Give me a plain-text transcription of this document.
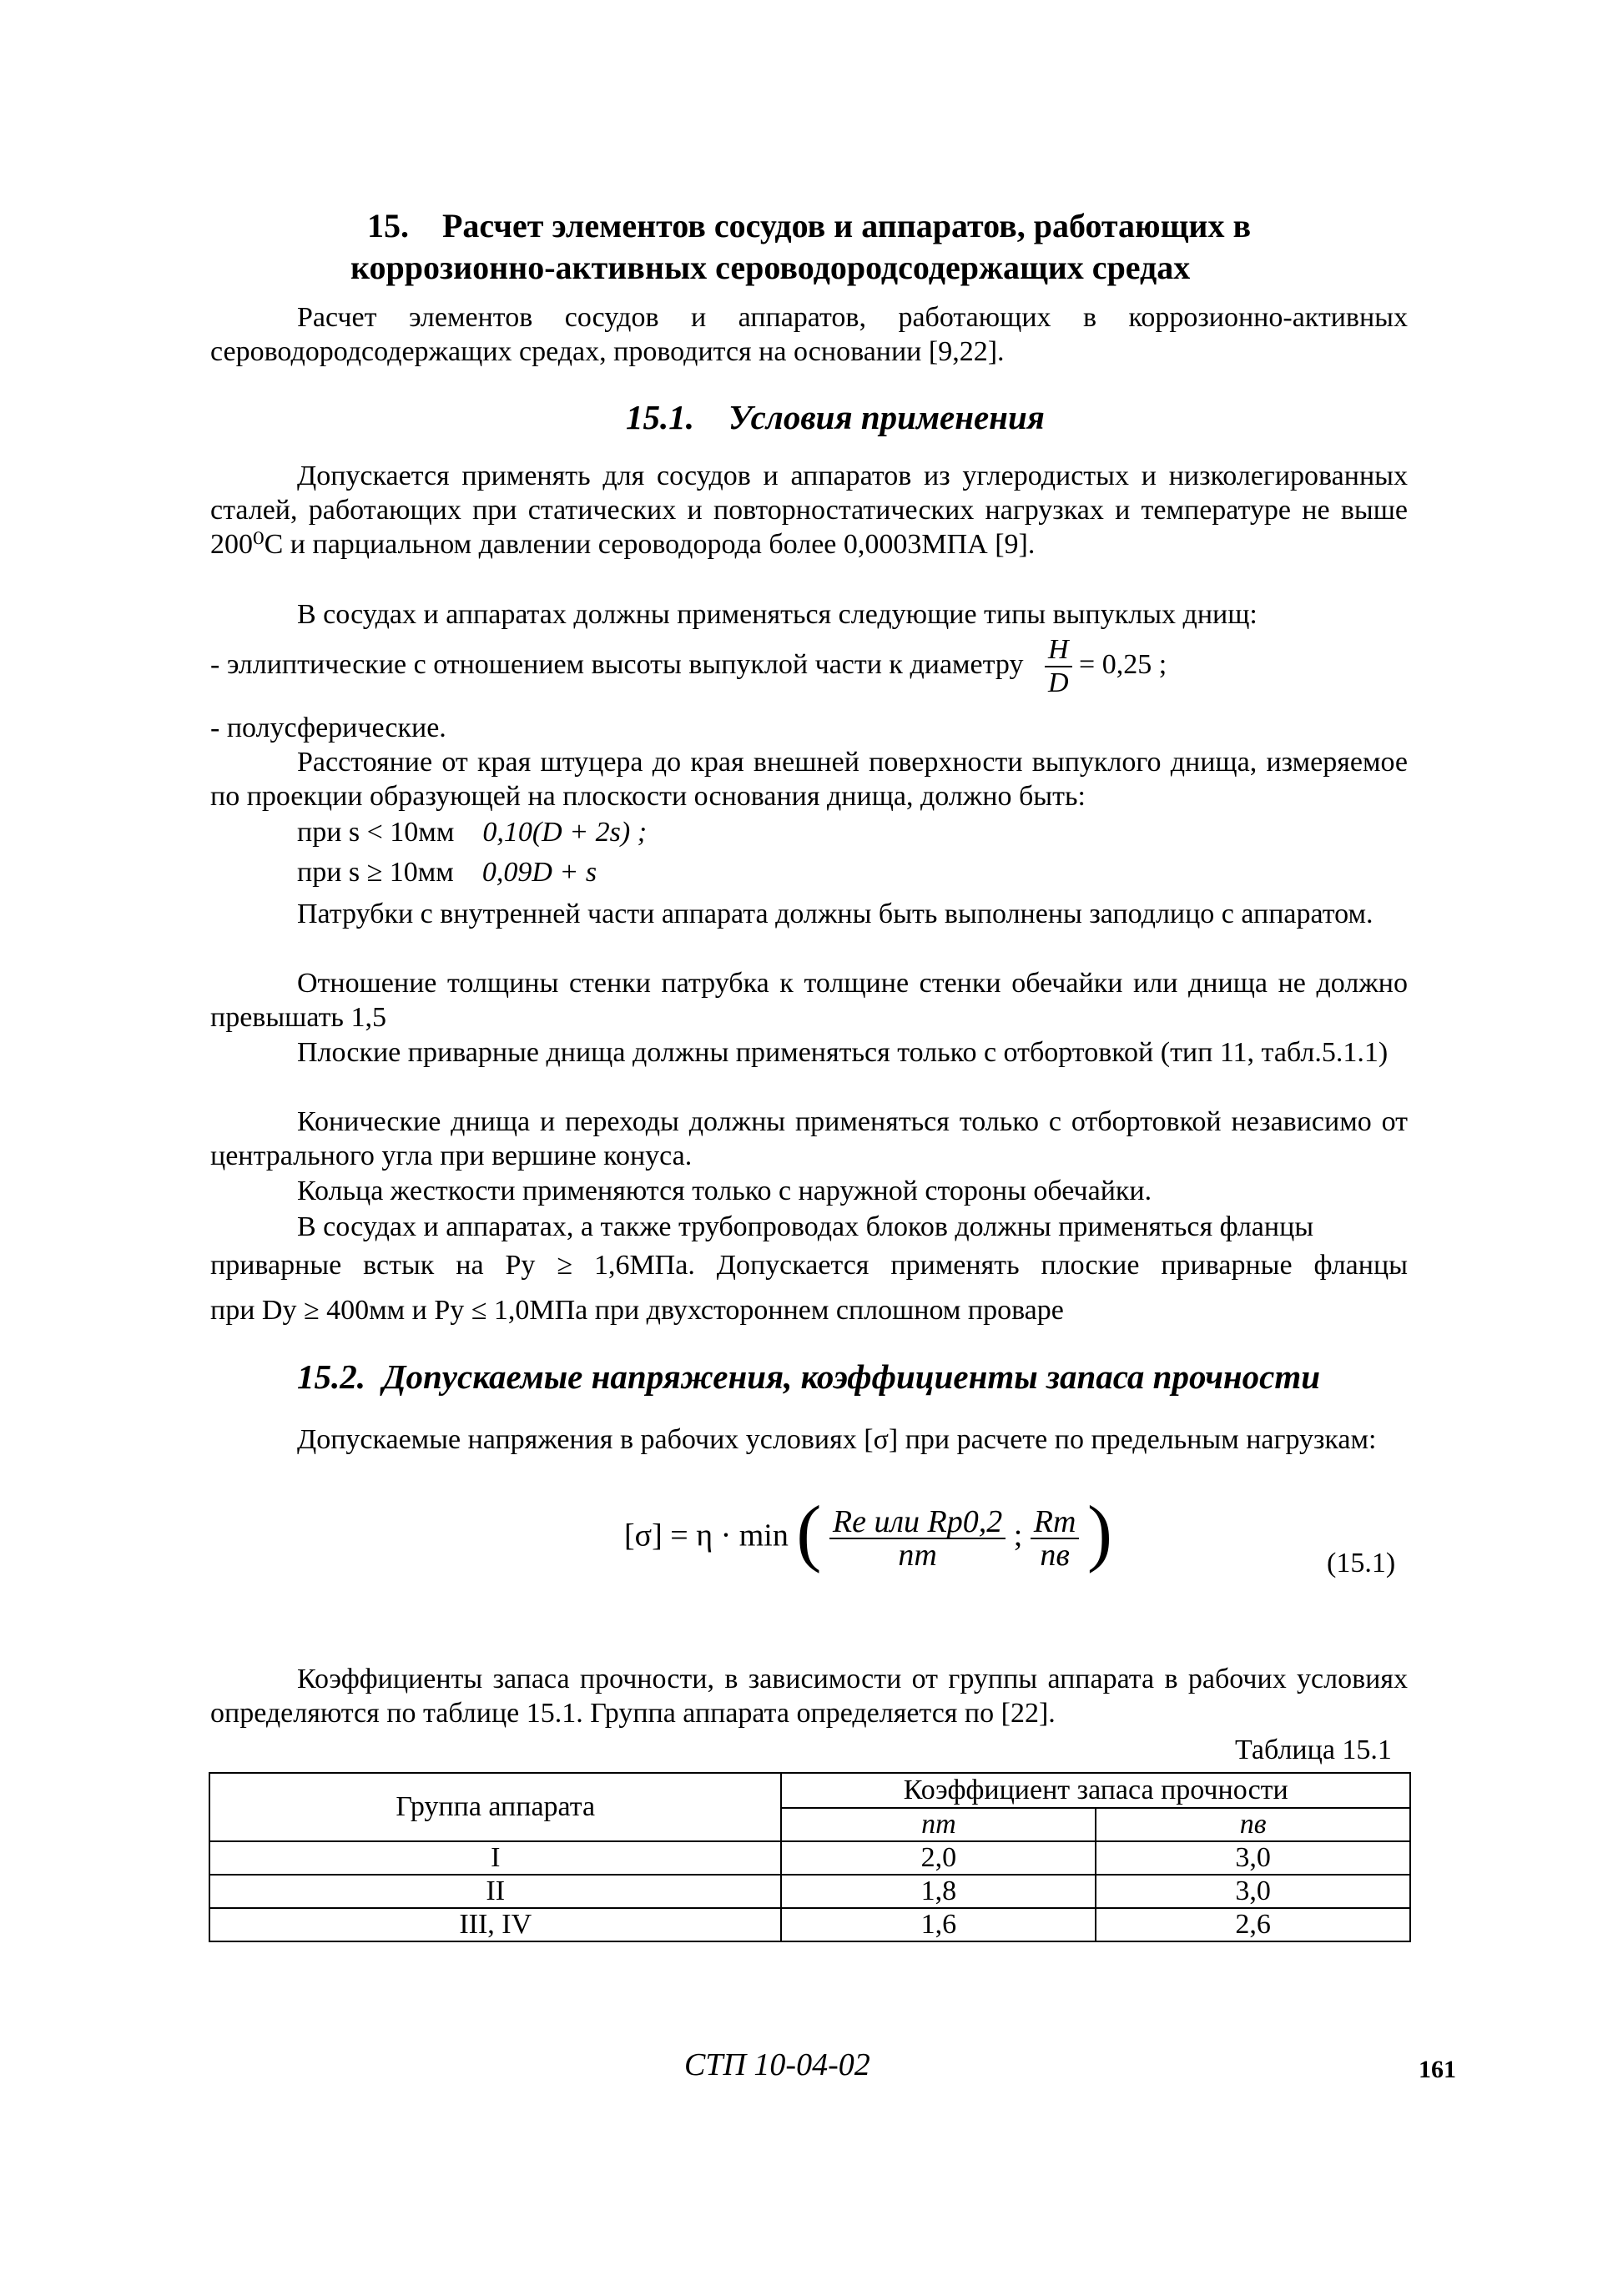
15. Расчет элементов сосудов и аппаратов, работающих в
коррозионно-активных сероводородсодержащих средах

Расчет элементов сосудов и аппаратов, работающих в коррозионно-активных сероводородсодержащих средах, проводится на основании [9,22].

15.1. Условия применения

Допускается применять для сосудов и аппаратов из углеродистых и низколегированных сталей, работающих при статических и повторностатических нагрузках и температуре не выше 200⁰С и парциальном давлении сероводорода более 0,0003МПА [9].

В сосудах и аппаратах должны применяться следующие типы выпуклых днищ:

- эллиптические с отношением высоты выпуклой части к диаметру $\frac{H}{D} = 0,25$ ;
- полусферические.

Расстояние от края штуцера до края внешней поверхности выпуклого днища, измеряемое по проекции образующей на плоскости основания днища, должно быть:

при s < 10мм 0,10(D + 2s) ;
при s ≥ 10мм 0,09D + s

Патрубки с внутренней части аппарата должны быть выполнены заподлицо с аппаратом.

Отношение толщины стенки патрубка к толщине стенки обечайки или днища не должно превышать 1,5

Плоские приварные днища должны применяться только с отбортовкой (тип 11, табл.5.1.1)

Конические днища и переходы должны применяться только с отбортовкой независимо от центрального угла при вершине конуса.

Кольца жесткости применяются только с наружной стороны обечайки.

В сосудах и аппаратах, а также трубопроводах блоков должны применяться фланцы
приварные встык на Pу ≥ 1,6МПа. Допускается применять плоские приварные фланцы
при Dу ≥ 400мм и Pу ≤ 1,0МПа при двухстороннем сплошном проваре
15.2. Допускаемые напряжения, коэффициенты запаса прочности

Допускаемые напряжения в рабочих условиях [σ] при расчете по предельным нагрузкам:

[σ] = η · min ( $\frac{\text{Re или Rp0,2}}{nт}$ ; $\frac{Rm}{nв}$ )	(15.1)

Коэффициенты запаса прочности, в зависимости от группы аппарата в рабочих условиях определяются по таблице 15.1. Группа аппарата определяется по [22].

Таблица 15.1
Группа аппарата	Коэффициент запаса прочности	
	nт	nв
I	2,0	3,0
II	1,8	3,0
III, IV	1,6	2,6
СТП 10-04-02	161
